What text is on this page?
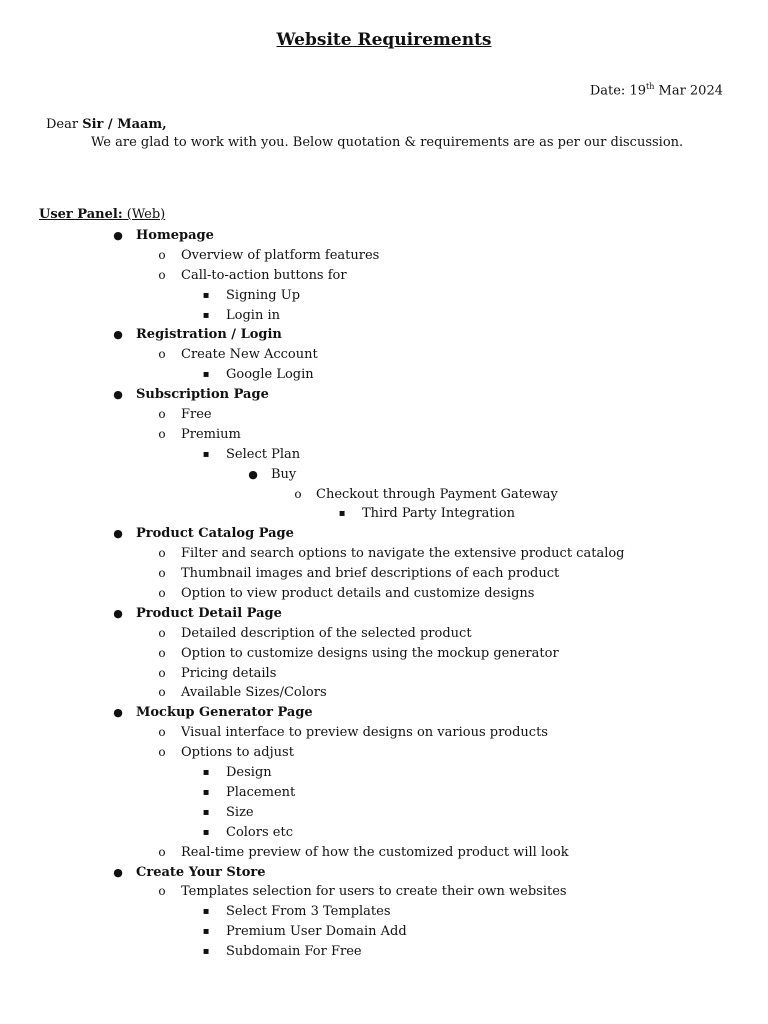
Website Requirements
Date: 19th Mar 2024
Dear Sir / Maam,
We are glad to work with you. Below quotation & requirements are as per our discussion.
User Panel: (Web)
● Homepage
o Overview of platform features
o Call-to-action buttons for
▪ Signing Up
▪ Login in
● Registration / Login
o Create New Account
▪ Google Login
● Subscription Page
o Free
o Premium
▪ Select Plan
● Buy
o Checkout through Payment Gateway
▪ Third Party Integration
● Product Catalog Page
o Filter and search options to navigate the extensive product catalog
o Thumbnail images and brief descriptions of each product
o Option to view product details and customize designs
● Product Detail Page
o Detailed description of the selected product
o Option to customize designs using the mockup generator
o Pricing details
o Available Sizes/Colors
● Mockup Generator Page
o Visual interface to preview designs on various products
o Options to adjust
▪ Design
▪ Placement
▪ Size
▪ Colors etc
o Real-time preview of how the customized product will look
● Create Your Store
o Templates selection for users to create their own websites
▪ Select From 3 Templates
▪ Premium User Domain Add
▪ Subdomain For Free
